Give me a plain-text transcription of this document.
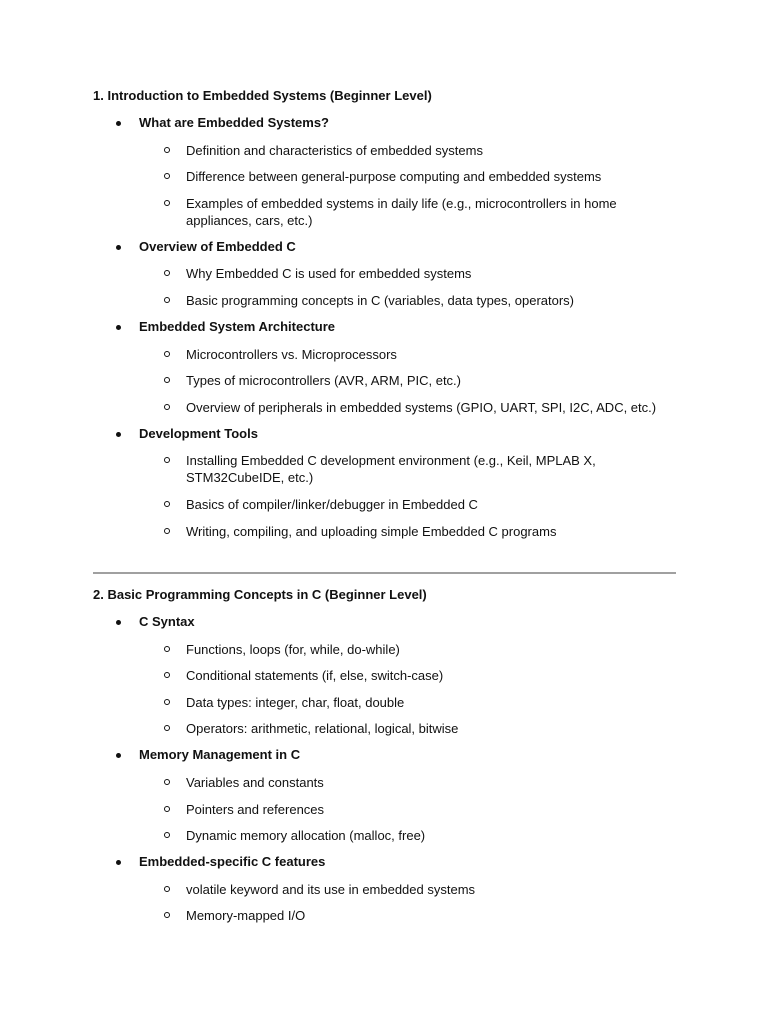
1. Introduction to Embedded Systems (Beginner Level)

What are Embedded Systems?
Definition and characteristics of embedded systems
Difference between general-purpose computing and embedded systems
Examples of embedded systems in daily life (e.g., microcontrollers in home appliances, cars, etc.)
Overview of Embedded C
Why Embedded C is used for embedded systems
Basic programming concepts in C (variables, data types, operators)
Embedded System Architecture
Microcontrollers vs. Microprocessors
Types of microcontrollers (AVR, ARM, PIC, etc.)
Overview of peripherals in embedded systems (GPIO, UART, SPI, I2C, ADC, etc.)
Development Tools
Installing Embedded C development environment (e.g., Keil, MPLAB X, STM32CubeIDE, etc.)
Basics of compiler/linker/debugger in Embedded C
Writing, compiling, and uploading simple Embedded C programs

2. Basic Programming Concepts in C (Beginner Level)

C Syntax
Functions, loops (for, while, do-while)
Conditional statements (if, else, switch-case)
Data types: integer, char, float, double
Operators: arithmetic, relational, logical, bitwise
Memory Management in C
Variables and constants
Pointers and references
Dynamic memory allocation (malloc, free)
Embedded-specific C features
volatile keyword and its use in embedded systems
Memory-mapped I/O
